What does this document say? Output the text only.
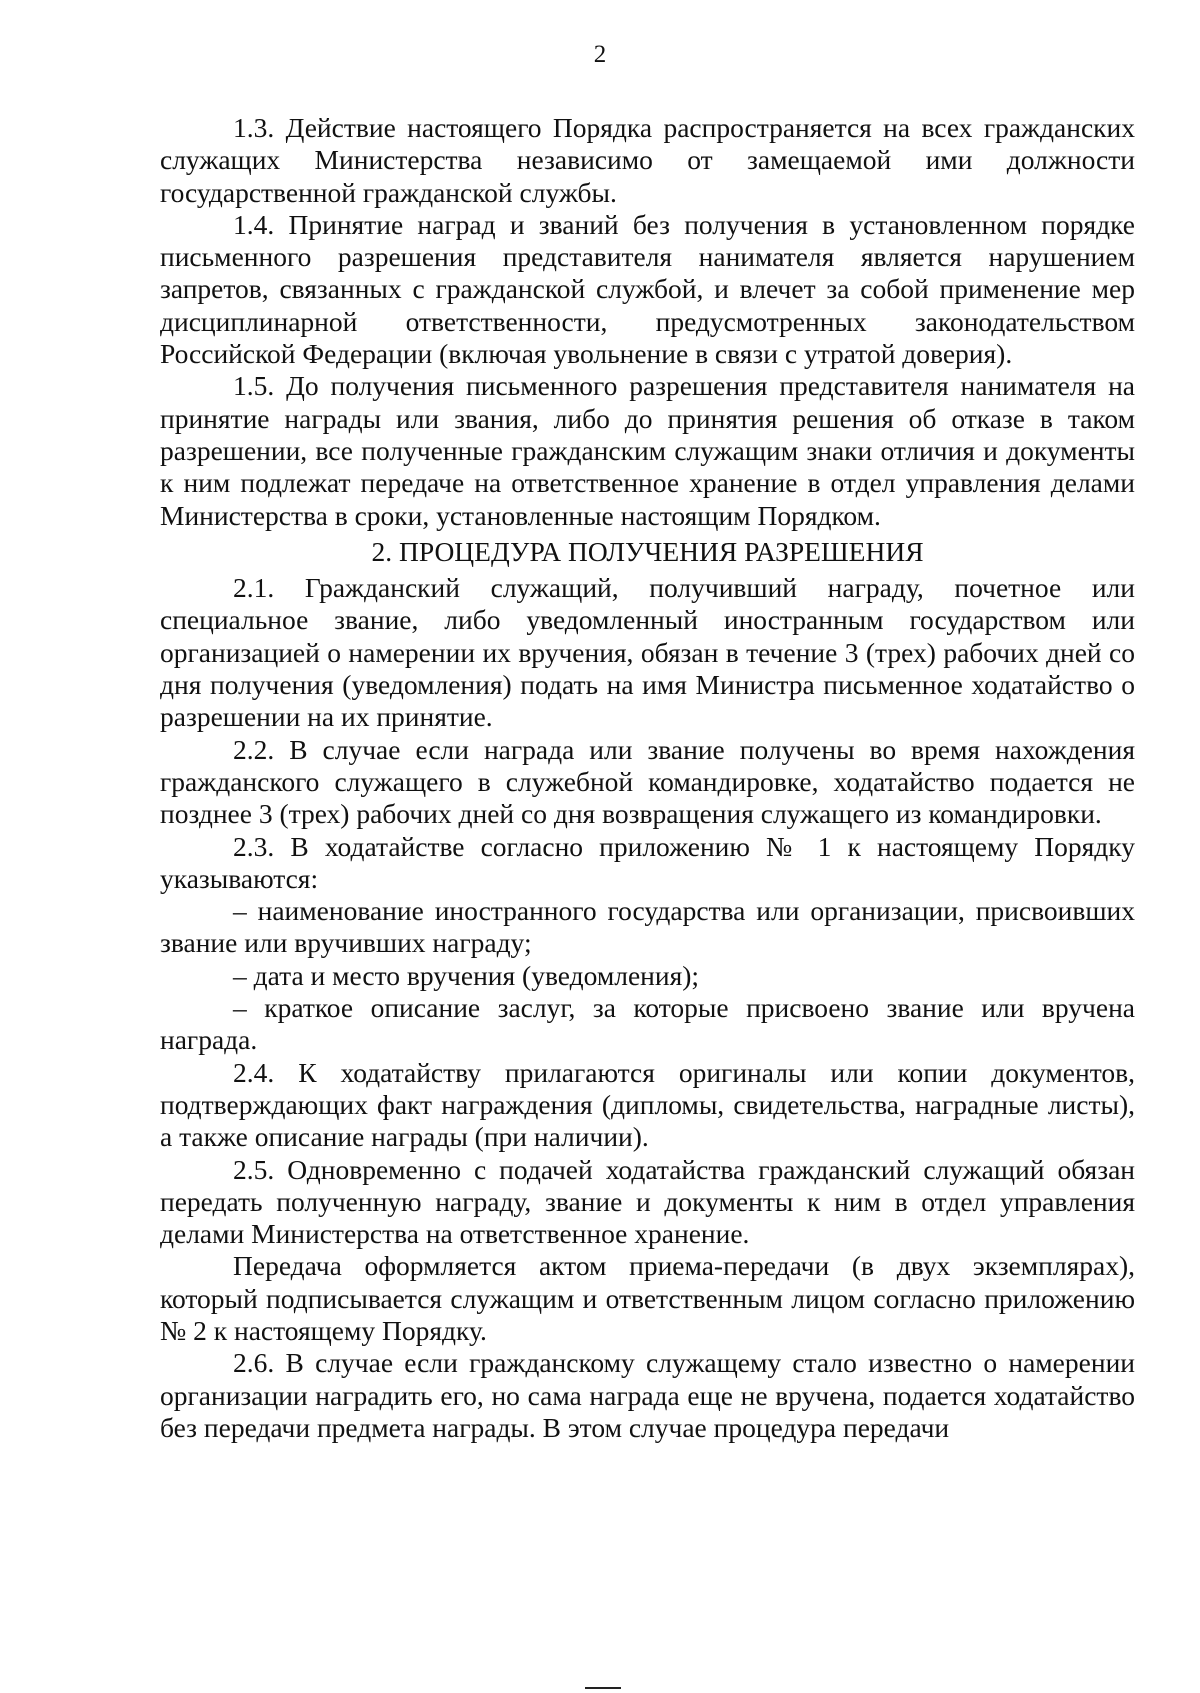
2

1.3. Действие настоящего Порядка распространяется на всех гражданских служащих Министерства независимо от замещаемой ими должности государственной гражданской службы.

1.4. Принятие наград и званий без получения в установленном порядке письменного разрешения представителя нанимателя является нарушением запретов, связанных с гражданской службой, и влечет за собой применение мер дисциплинарной ответственности, предусмотренных законодательством Российской Федерации (включая увольнение в связи с утратой доверия).

1.5. До получения письменного разрешения представителя нанимателя на принятие награды или звания, либо до принятия решения об отказе в таком разрешении, все полученные гражданским служащим знаки отличия и документы к ним подлежат передаче на ответственное хранение в отдел управления делами Министерства в сроки, установленные настоящим Порядком.

2. ПРОЦЕДУРА ПОЛУЧЕНИЯ РАЗРЕШЕНИЯ

2.1. Гражданский служащий, получивший награду, почетное или специальное звание, либо уведомленный иностранным государством или организацией о намерении их вручения, обязан в течение 3 (трех) рабочих дней со дня получения (уведомления) подать на имя Министра письменное ходатайство о разрешении на их принятие.

2.2. В случае если награда или звание получены во время нахождения гражданского служащего в служебной командировке, ходатайство подается не позднее 3 (трех) рабочих дней со дня возвращения служащего из командировки.

2.3. В ходатайстве согласно приложению № 1 к настоящему Порядку указываются:

– наименование иностранного государства или организации, присвоивших звание или вручивших награду;

– дата и место вручения (уведомления);

– краткое описание заслуг, за которые присвоено звание или вручена награда.

2.4. К ходатайству прилагаются оригиналы или копии документов, подтверждающих факт награждения (дипломы, свидетельства, наградные листы), а также описание награды (при наличии).

2.5. Одновременно с подачей ходатайства гражданский служащий обязан передать полученную награду, звание и документы к ним в отдел управления делами Министерства на ответственное хранение.

Передача оформляется актом приема-передачи (в двух экземплярах), который подписывается служащим и ответственным лицом согласно приложению № 2 к настоящему Порядку.

2.6. В случае если гражданскому служащему стало известно о намерении организации наградить его, но сама награда еще не вручена, подается ходатайство без передачи предмета награды. В этом случае процедура передачи
